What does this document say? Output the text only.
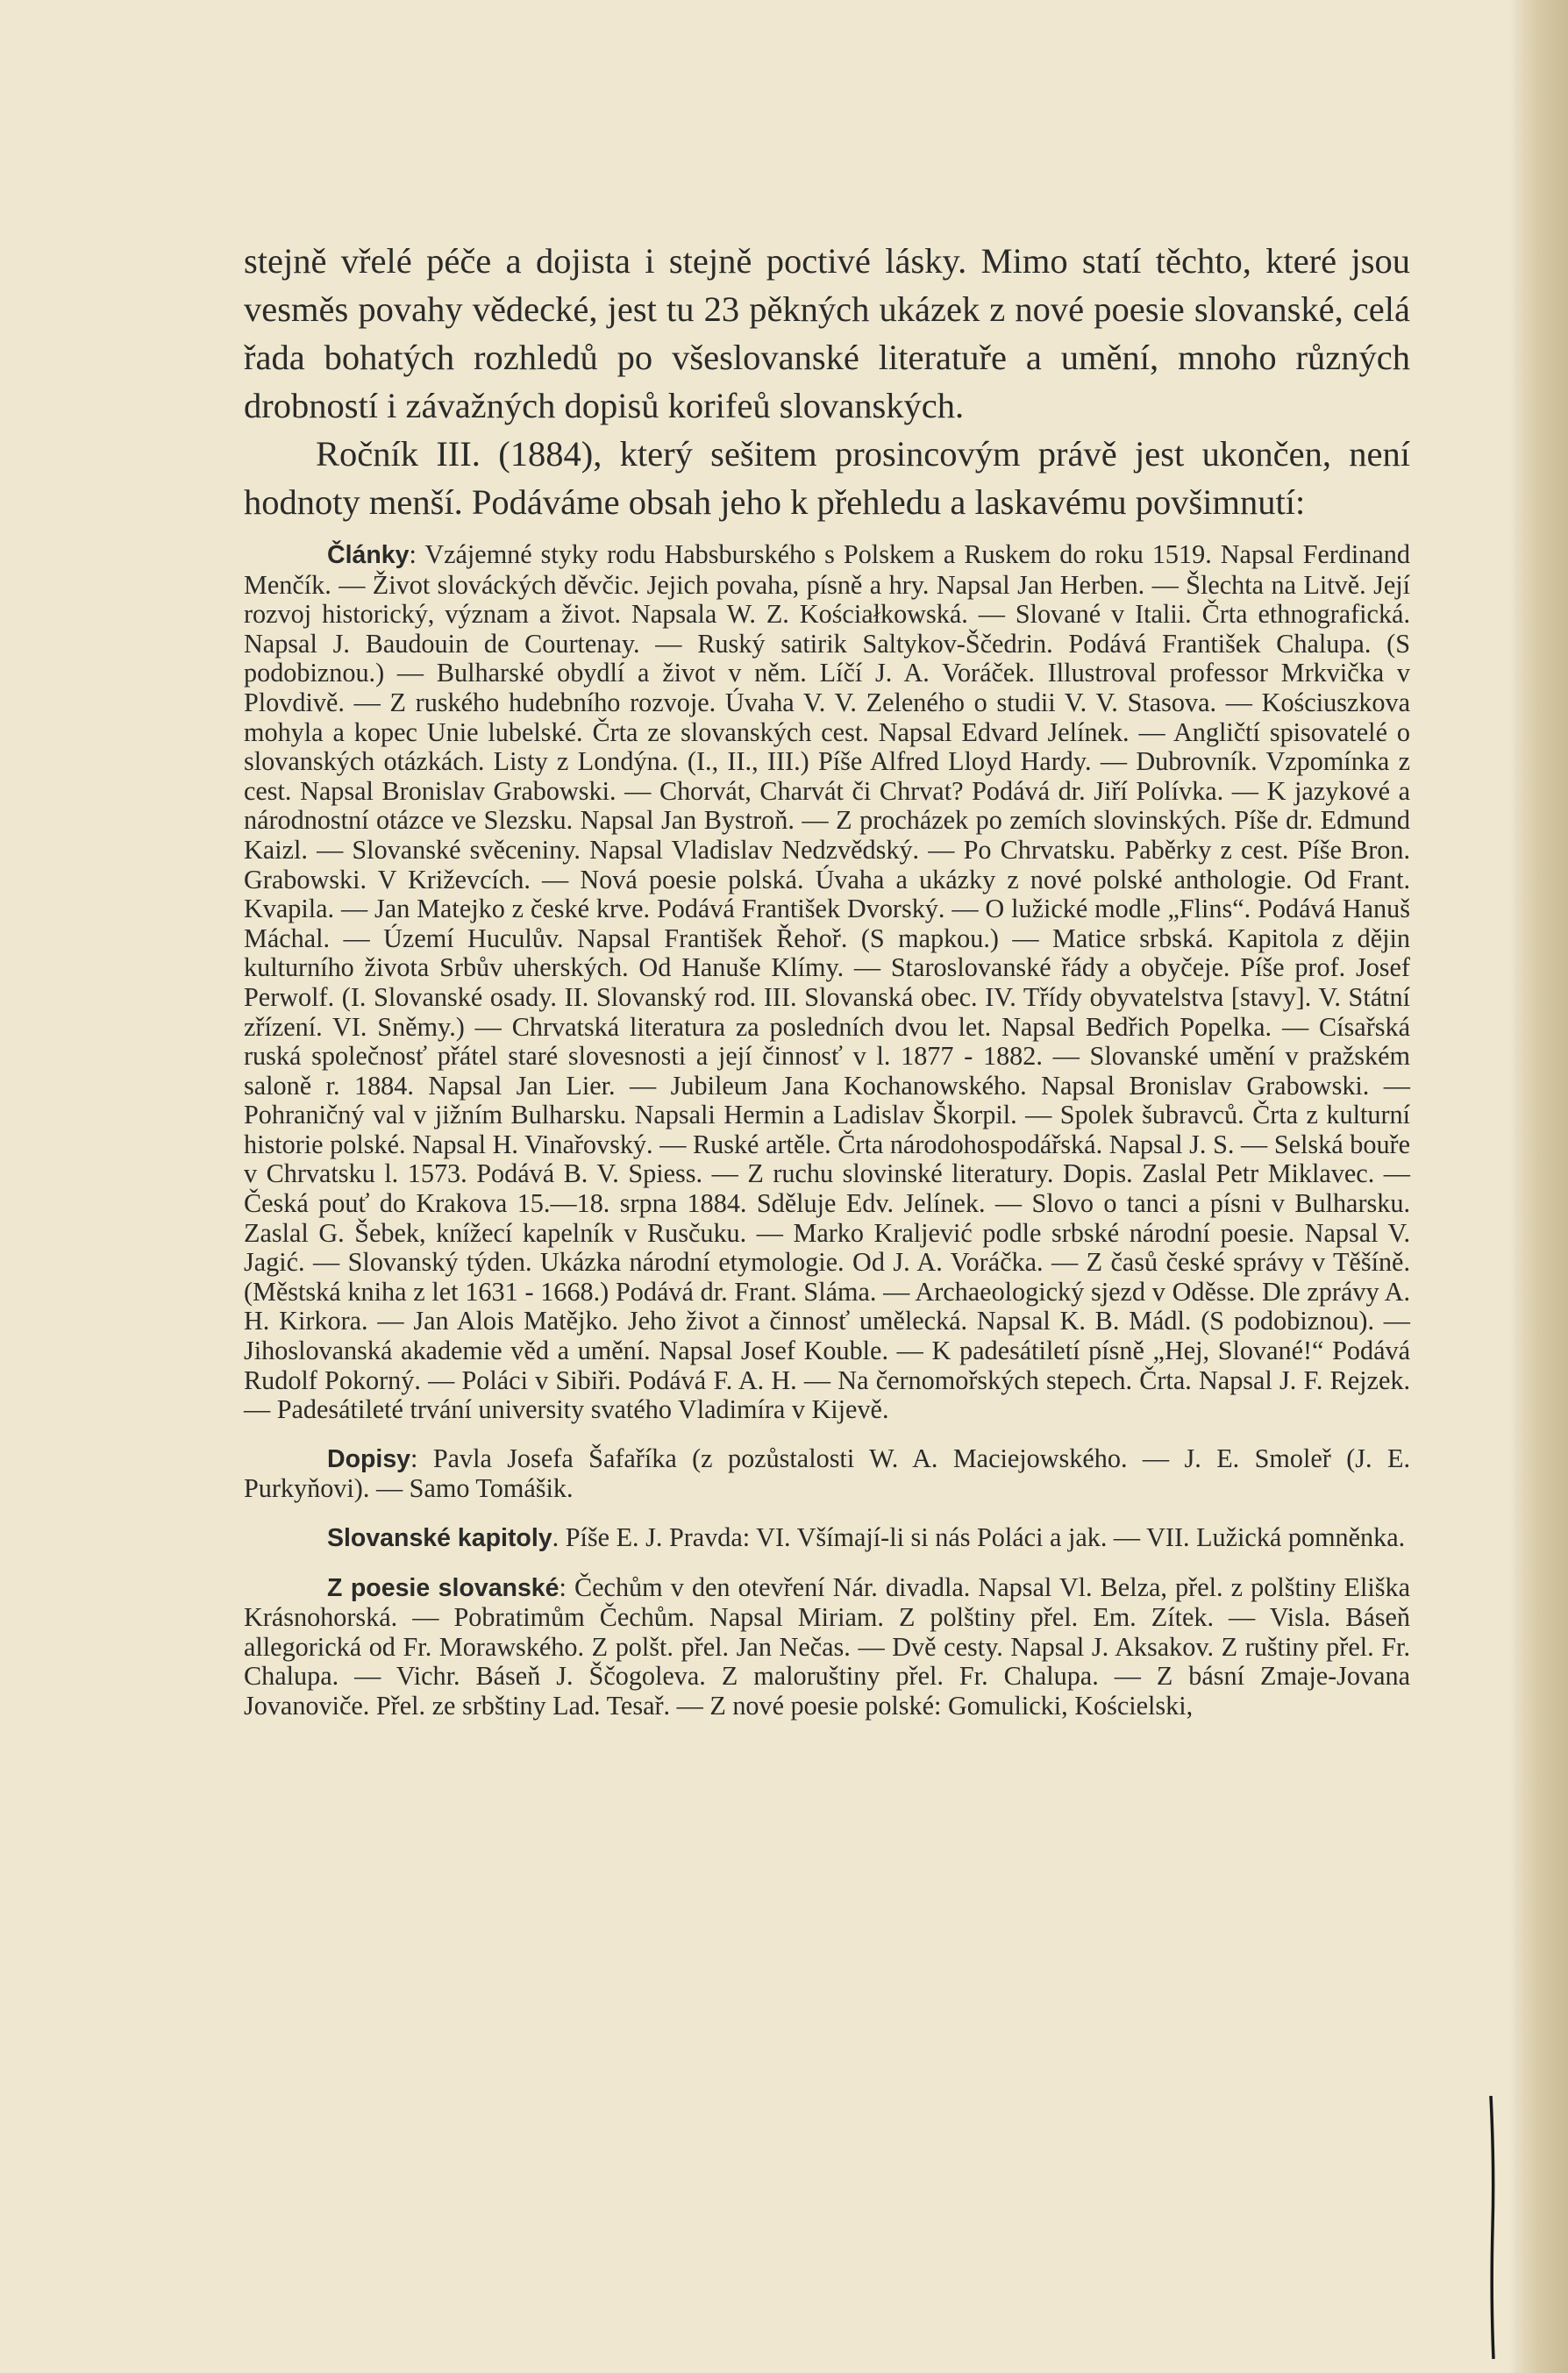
stejně vřelé péče a dojista i stejně poctivé lásky. Mimo statí těchto, které jsou vesměs povahy vědecké, jest tu 23 pěkných ukázek z nové poesie slovanské, celá řada bohatých rozhledů po všeslovanské literatuře a umění, mnoho různých drobností i závažných dopisů korifeů slovanských.

Ročník III. (1884), který sešitem prosincovým právě jest ukončen, není hodnoty menší. Podáváme obsah jeho k přehledu a laskavému povšimnutí:

Články: Vzájemné styky rodu Habsburského s Polskem a Ruskem do roku 1519. Napsal Ferdinand Menčík. — Život slováckých děvčic. Jejich povaha, písně a hry. Napsal Jan Herben. — Šlechta na Litvě. Její rozvoj historický, význam a život. Napsala W. Z. Kościałkowská. — Slované v Italii. Črta ethnografická. Napsal J. Baudouin de Courtenay. — Ruský satirik Saltykov-Ščedrin. Podává František Chalupa. (S podobiznou.) — Bulharské obydlí a život v něm. Líčí J. A. Voráček. Illustroval professor Mrkvička v Plovdivě. — Z ruského hudebního rozvoje. Úvaha V. V. Zeleného o studii V. V. Stasova. — Kościuszkova mohyla a kopec Unie lubelské. Črta ze slovanských cest. Napsal Edvard Jelínek. — Angličtí spisovatelé o slovanských otázkách. Listy z Londýna. (I., II., III.) Píše Alfred Lloyd Hardy. — Dubrovník. Vzpomínka z cest. Napsal Bronislav Grabowski. — Chorvát, Charvát či Chrvat? Podává dr. Jiří Polívka. — K jazykové a národnostní otázce ve Slezsku. Napsal Jan Bystroň. — Z procházek po zemích slovinských. Píše dr. Edmund Kaizl. — Slovanské svěceniny. Napsal Vladislav Nedzvědský. — Po Chrvatsku. Paběrky z cest. Píše Bron. Grabowski. V Križevcích. — Nová poesie polská. Úvaha a ukázky z nové polské anthologie. Od Frant. Kvapila. — Jan Matejko z české krve. Podává František Dvorský. — O lužické modle „Flins“. Podává Hanuš Máchal. — Území Huculův. Napsal František Řehoř. (S mapkou.) — Matice srbská. Kapitola z dějin kulturního života Srbův uherských. Od Hanuše Klímy. — Staroslovanské řády a obyčeje. Píše prof. Josef Perwolf. (I. Slovanské osady. II. Slovanský rod. III. Slovanská obec. IV. Třídy obyvatelstva [stavy]. V. Státní zřízení. VI. Sněmy.) — Chrvatská literatura za posledních dvou let. Napsal Bedřich Popelka. — Císařská ruská společnosť přátel staré slovesnosti a její činnosť v l. 1877 - 1882. — Slovanské umění v pražském saloně r. 1884. Napsal Jan Lier. — Jubileum Jana Kochanowského. Napsal Bronislav Grabowski. — Pohraničný val v jižním Bulharsku. Napsali Hermin a Ladislav Škorpil. — Spolek šubravců. Črta z kulturní historie polské. Napsal H. Vinařovský. — Ruské artěle. Črta národohospodářská. Napsal J. S. — Selská bouře v Chrvatsku l. 1573. Podává B. V. Spiess. — Z ruchu slovinské literatury. Dopis. Zaslal Petr Miklavec. — Česká pouť do Krakova 15.—18. srpna 1884. Sděluje Edv. Jelínek. — Slovo o tanci a písni v Bulharsku. Zaslal G. Šebek, knížecí kapelník v Rusčuku. — Marko Kraljević podle srbské národní poesie. Napsal V. Jagić. — Slovanský týden. Ukázka národní etymologie. Od J. A. Voráčka. — Z časů české správy v Těšíně. (Městská kniha z let 1631 - 1668.) Podává dr. Frant. Sláma. — Archaeologický sjezd v Oděsse. Dle zprávy A. H. Kirkora. — Jan Alois Matějko. Jeho život a činnosť umělecká. Napsal K. B. Mádl. (S podobiznou). — Jihoslovanská akademie věd a umění. Napsal Josef Kouble. — K padesátiletí písně „Hej, Slované!“ Podává Rudolf Pokorný. — Poláci v Sibiři. Podává F. A. H. — Na černomořských stepech. Črta. Napsal J. F. Rejzek. — Padesátileté trvání university svatého Vladimíra v Kijevě.

Dopisy: Pavla Josefa Šafaříka (z pozůstalosti W. A. Maciejowského. — J. E. Smoleř (J. E. Purkyňovi). — Samo Tomášik.

Slovanské kapitoly. Píše E. J. Pravda: VI. Všímají-li si nás Poláci a jak. — VII. Lužická pomněnka.

Z poesie slovanské: Čechům v den otevření Nár. divadla. Napsal Vl. Belza, přel. z polštiny Eliška Krásnohorská. — Pobratimům Čechům. Napsal Miriam. Z polštiny přel. Em. Zítek. — Visla. Báseň allegorická od Fr. Morawského. Z polšt. přel. Jan Nečas. — Dvě cesty. Napsal J. Aksakov. Z ruštiny přel. Fr. Chalupa. — Vichr. Báseň J. Ščogoleva. Z maloruštiny přel. Fr. Chalupa. — Z básní Zmaje-Jovana Jovanoviče. Přel. ze srbštiny Lad. Tesař. — Z nové poesie polské: Gomulicki, Kościelski,
